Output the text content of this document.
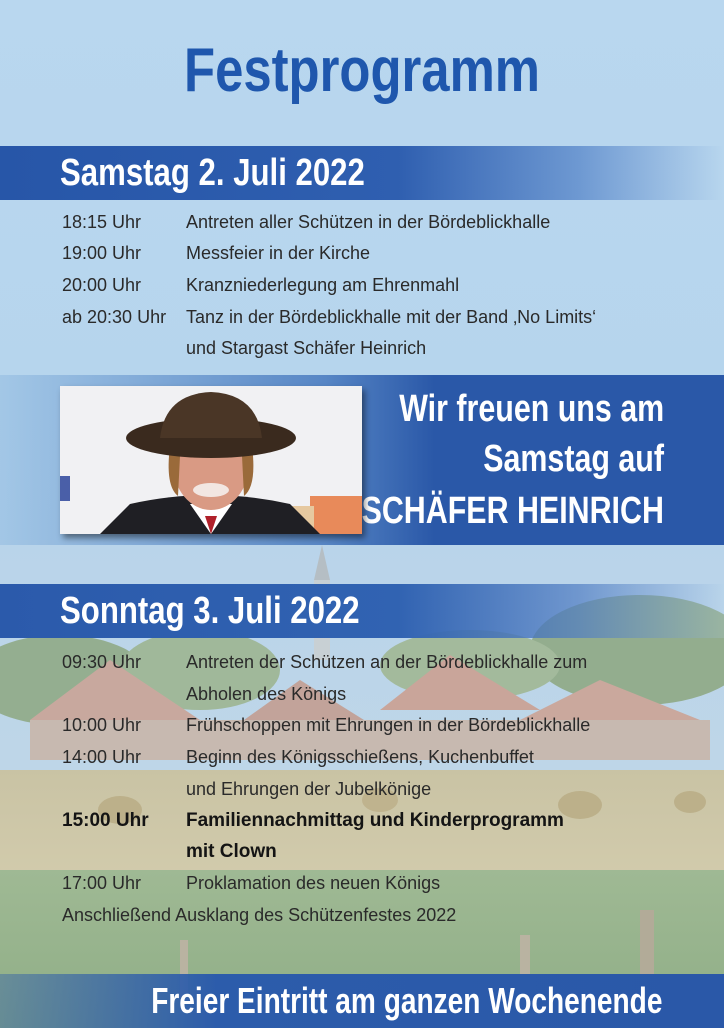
Festprogramm
Samstag 2. Juli 2022
18:15 Uhr Antreten aller Schützen in der Bördeblickhalle
19:00 Uhr Messfeier in der Kirche
20:00 Uhr Kranzniederlegung am Ehrenmahl
ab 20:30 Uhr Tanz in der Bördeblickhalle mit der Band ‚No Limits‘
und Stargast Schäfer Heinrich
Wir freuen uns am
Samstag auf
SCHÄFER HEINRICH
Sonntag 3. Juli 2022
09:30 Uhr Antreten der Schützen an der Bördeblickhalle zum
Abholen des Königs
10:00 Uhr Frühschoppen mit Ehrungen in der Bördeblickhalle
14:00 Uhr Beginn des Königsschießens, Kuchenbuffet
und Ehrungen der Jubelkönige
15:00 Uhr Familiennachmittag und Kinderprogramm
mit Clown
17:00 Uhr Proklamation des neuen Königs
Anschließend Ausklang des Schützenfestes 2022
Freier Eintritt am ganzen Wochenende
